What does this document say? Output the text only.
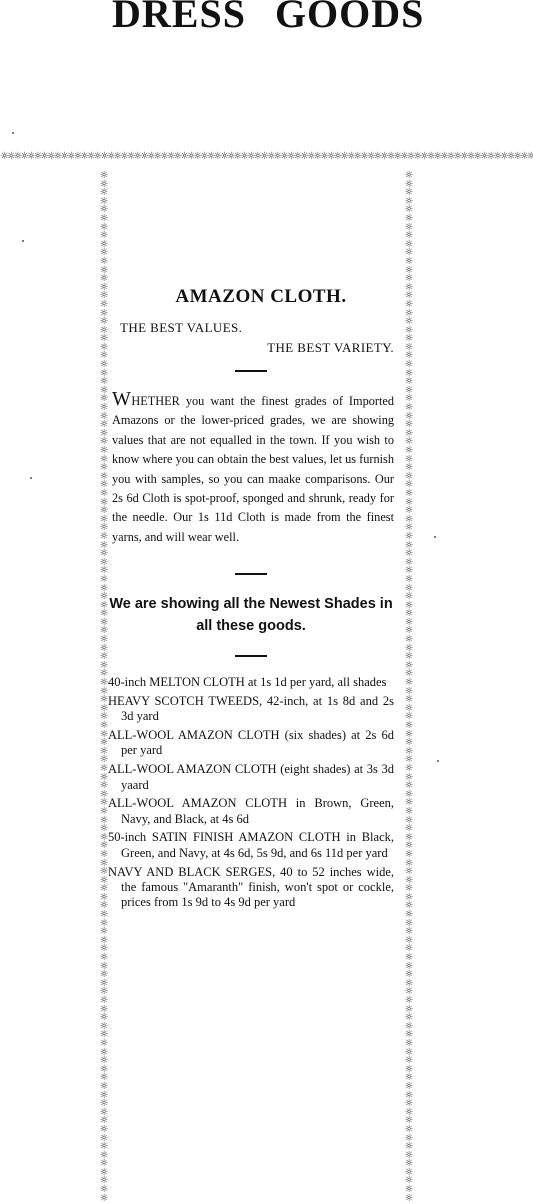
DRESS GOODS
☼☼☼☼☼☼☼☼☼☼☼☼☼☼☼☼☼☼☼☼☼☼☼☼☼☼☼☼☼☼☼☼☼☼☼☼☼☼☼☼☼☼☼☼☼☼☼☼☼☼☼☼☼☼☼☼☼☼☼☼☼☼☼☼☼☼☼☼☼☼☼☼☼☼☼☼☼☼☼☼
☼☼☼☼☼☼☼☼☼☼☼☼☼☼☼☼☼☼☼☼☼☼☼☼☼☼☼☼☼☼☼☼☼☼☼☼☼☼☼☼☼☼☼☼☼☼☼☼☼☼☼☼☼☼☼☼☼☼☼☼☼☼☼☼☼☼☼☼☼☼☼☼☼☼☼☼☼☼☼☼☼☼☼☼☼☼☼☼☼☼☼☼☼☼☼☼☼☼☼☼☼☼☼☼☼☼☼☼☼☼☼☼☼☼☼☼☼☼☼☼
☼☼☼☼☼☼☼☼☼☼☼☼☼☼☼☼☼☼☼☼☼☼☼☼☼☼☼☼☼☼☼☼☼☼☼☼☼☼☼☼☼☼☼☼☼☼☼☼☼☼☼☼☼☼☼☼☼☼☼☼☼☼☼☼☼☼☼☼☼☼☼☼☼☼☼☼☼☼☼☼☼☼☼☼☼☼☼☼☼☼☼☼☼☼☼☼☼☼☼☼☼☼☼☼☼☼☼☼☼☼☼☼☼☼☼☼☼☼☼☼
AMAZON CLOTH.
THE BEST VALUES.
THE BEST VARIETY.

WHETHER you want the finest grades of Imported Amazons or the lower-priced grades, we are showing values that are not equalled in the town. If you wish to know where you can obtain the best values, let us furnish you with samples, so you can maake comparisons. Our 2s 6d Cloth is spot-proof, sponged and shrunk, ready for the needle. Our 1s 11d Cloth is made from the finest yarns, and will wear well.

We are showing all the Newest Shades in all these goods.

40-inch MELTON CLOTH at 1s 1d per yard, all shades
HEAVY SCOTCH TWEEDS, 42-inch, at 1s 8d and 2s 3d yard
ALL-WOOL AMAZON CLOTH (six shades) at 2s 6d per yard
ALL-WOOL AMAZON CLOTH (eight shades) at 3s 3d yaard
ALL-WOOL AMAZON CLOTH in Brown, Green, Navy, and Black, at 4s 6d
50-inch SATIN FINISH AMAZON CLOTH in Black, Green, and Navy, at 4s 6d, 5s 9d, and 6s 11d per yard
NAVY AND BLACK SERGES, 40 to 52 inches wide, the famous "Amaranth" finish, won't spot or cockle, prices from 1s 9d to 4s 9d per yard
